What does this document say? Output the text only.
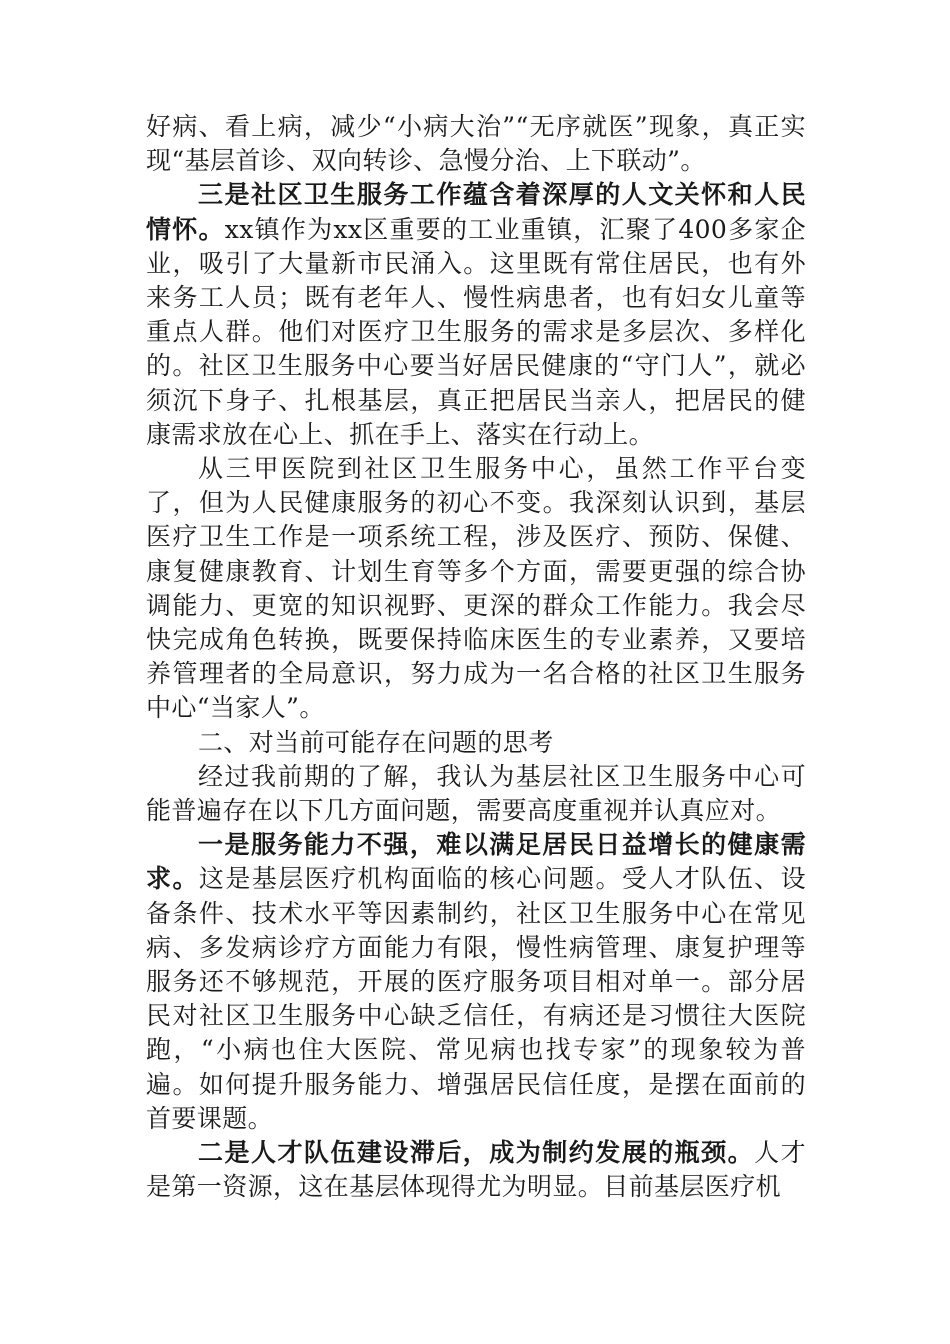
好病、看上病，减少“小病大治”“无序就医”现象，真正实现“基层首诊、双向转诊、急慢分治、上下联动”。

三是社区卫生服务工作蕴含着深厚的人文关怀和人民情怀。xx镇作为xx区重要的工业重镇，汇聚了400多家企业，吸引了大量新市民涌入。这里既有常住居民，也有外来务工人员；既有老年人、慢性病患者，也有妇女儿童等重点人群。他们对医疗卫生服务的需求是多层次、多样化的。社区卫生服务中心要当好居民健康的“守门人”，就必须沉下身子、扎根基层，真正把居民当亲人，把居民的健康需求放在心上、抓在手上、落实在行动上。

从三甲医院到社区卫生服务中心，虽然工作平台变了，但为人民健康服务的初心不变。我深刻认识到，基层医疗卫生工作是一项系统工程，涉及医疗、预防、保健、康复健康教育、计划生育等多个方面，需要更强的综合协调能力、更宽的知识视野、更深的群众工作能力。我会尽快完成角色转换，既要保持临床医生的专业素养，又要培养管理者的全局意识，努力成为一名合格的社区卫生服务中心“当家人”。

二、对当前可能存在问题的思考

经过我前期的了解，我认为基层社区卫生服务中心可能普遍存在以下几方面问题，需要高度重视并认真应对。

一是服务能力不强，难以满足居民日益增长的健康需求。这是基层医疗机构面临的核心问题。受人才队伍、设备条件、技术水平等因素制约，社区卫生服务中心在常见病、多发病诊疗方面能力有限，慢性病管理、康复护理等服务还不够规范，开展的医疗服务项目相对单一。部分居民对社区卫生服务中心缺乏信任，有病还是习惯往大医院跑，“小病也住大医院、常见病也找专家”的现象较为普遍。如何提升服务能力、增强居民信任度，是摆在面前的首要课题。

二是人才队伍建设滞后，成为制约发展的瓶颈。人才是第一资源，这在基层体现得尤为明显。目前基层医疗机
